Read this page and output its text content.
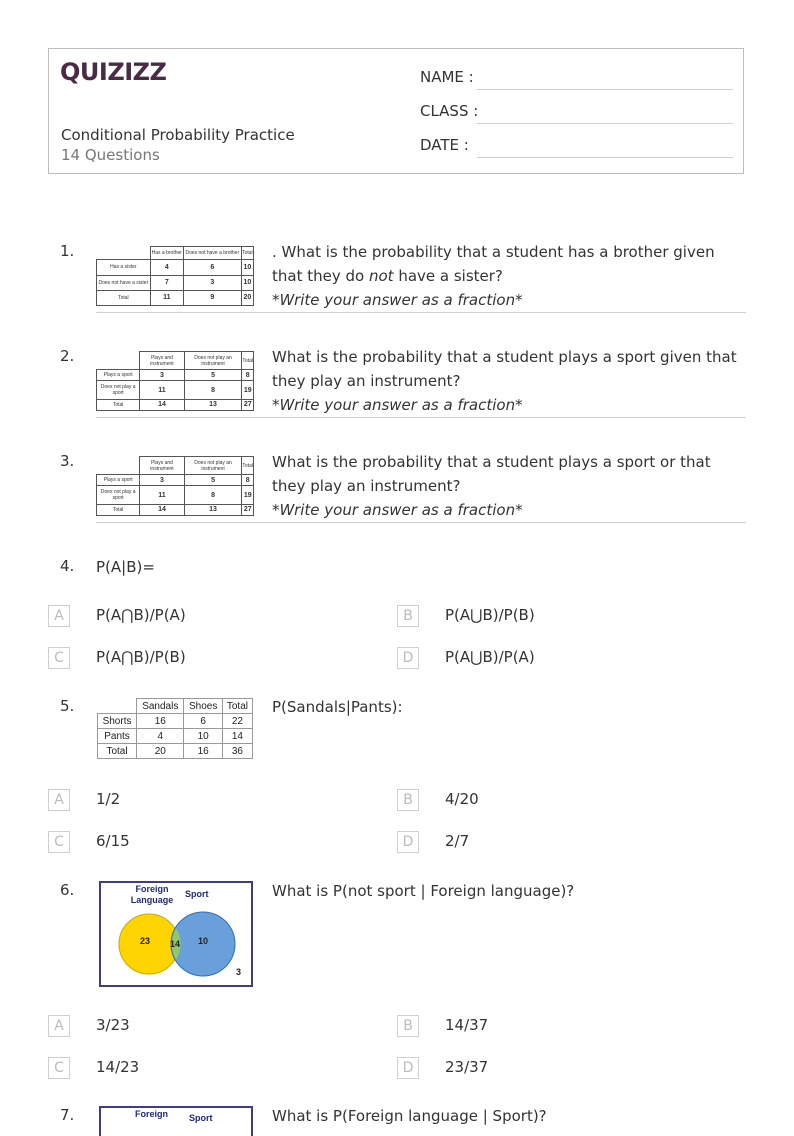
QUIZIZZ
Conditional Probability Practice
14 Questions
NAME :
CLASS :
DATE :
1.
		Has a brother	Does not have a brother	Total
Has a sister	4	6	10
Does not have a sister	7	3	10
Total	11	9	20
. What is the probability that a student has a brother given that they do not have a sister?
*Write your answer as a fraction*
2.
		Plays and instrument	Does not play an instrument	Total
Plays a sport	3	5	8
Does not play a sport	11	8	19
Total	14	13	27
What is the probability that a student plays a sport given that they play an instrument?
*Write your answer as a fraction*
3.
		Plays and instrument	Does not play an instrument	Total
Plays a sport	3	5	8
Does not play a sport	11	8	19
Total	14	13	27
What is the probability that a student plays a sport or that they play an instrument?
*Write your answer as a fraction*
4.	P(A|B)=
A	P(A⋂B)/P(A)	B	P(A⋃B)/P(B)
C	P(A⋂B)/P(B)	D	P(A⋃B)/P(A)
5.
		Sandals	Shoes	Total
Shorts	16	6	22
Pants	4	10	14
Total	20	16	36
P(Sandals|Pants):
A	1/2	B	4/20
C	6/15	D	2/7
6.	Foreign Language
Sport
23 14 10
3
What is P(not sport | Foreign language)?
A	3/23	B	14/37
C	14/23	D	23/37
7.	Foreign Sport	What is P(Foreign language | Sport)?
